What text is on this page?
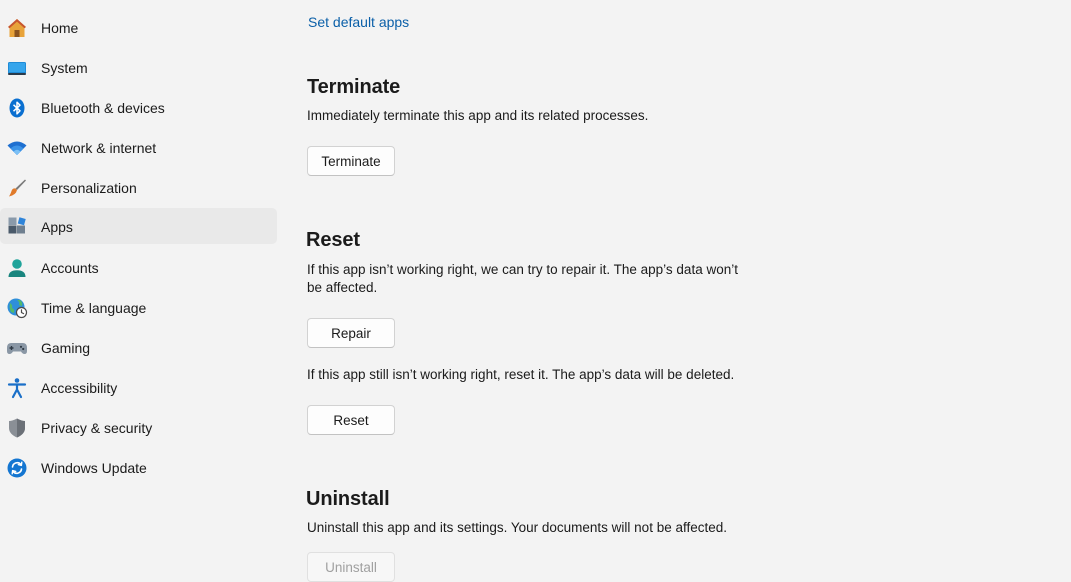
Home
System
Bluetooth & devices
Network & internet
Personalization
Apps
Accounts
Time & language
Gaming
Accessibility
Privacy & security
Windows Update
Set default apps
Terminate
Immediately terminate this app and its related processes.
Terminate
Reset
If this app isn’t working right, we can try to repair it. The app’s data won’t be affected.
Repair
If this app still isn’t working right, reset it. The app’s data will be deleted.
Reset
Uninstall
Uninstall this app and its settings. Your documents will not be affected.
Uninstall
